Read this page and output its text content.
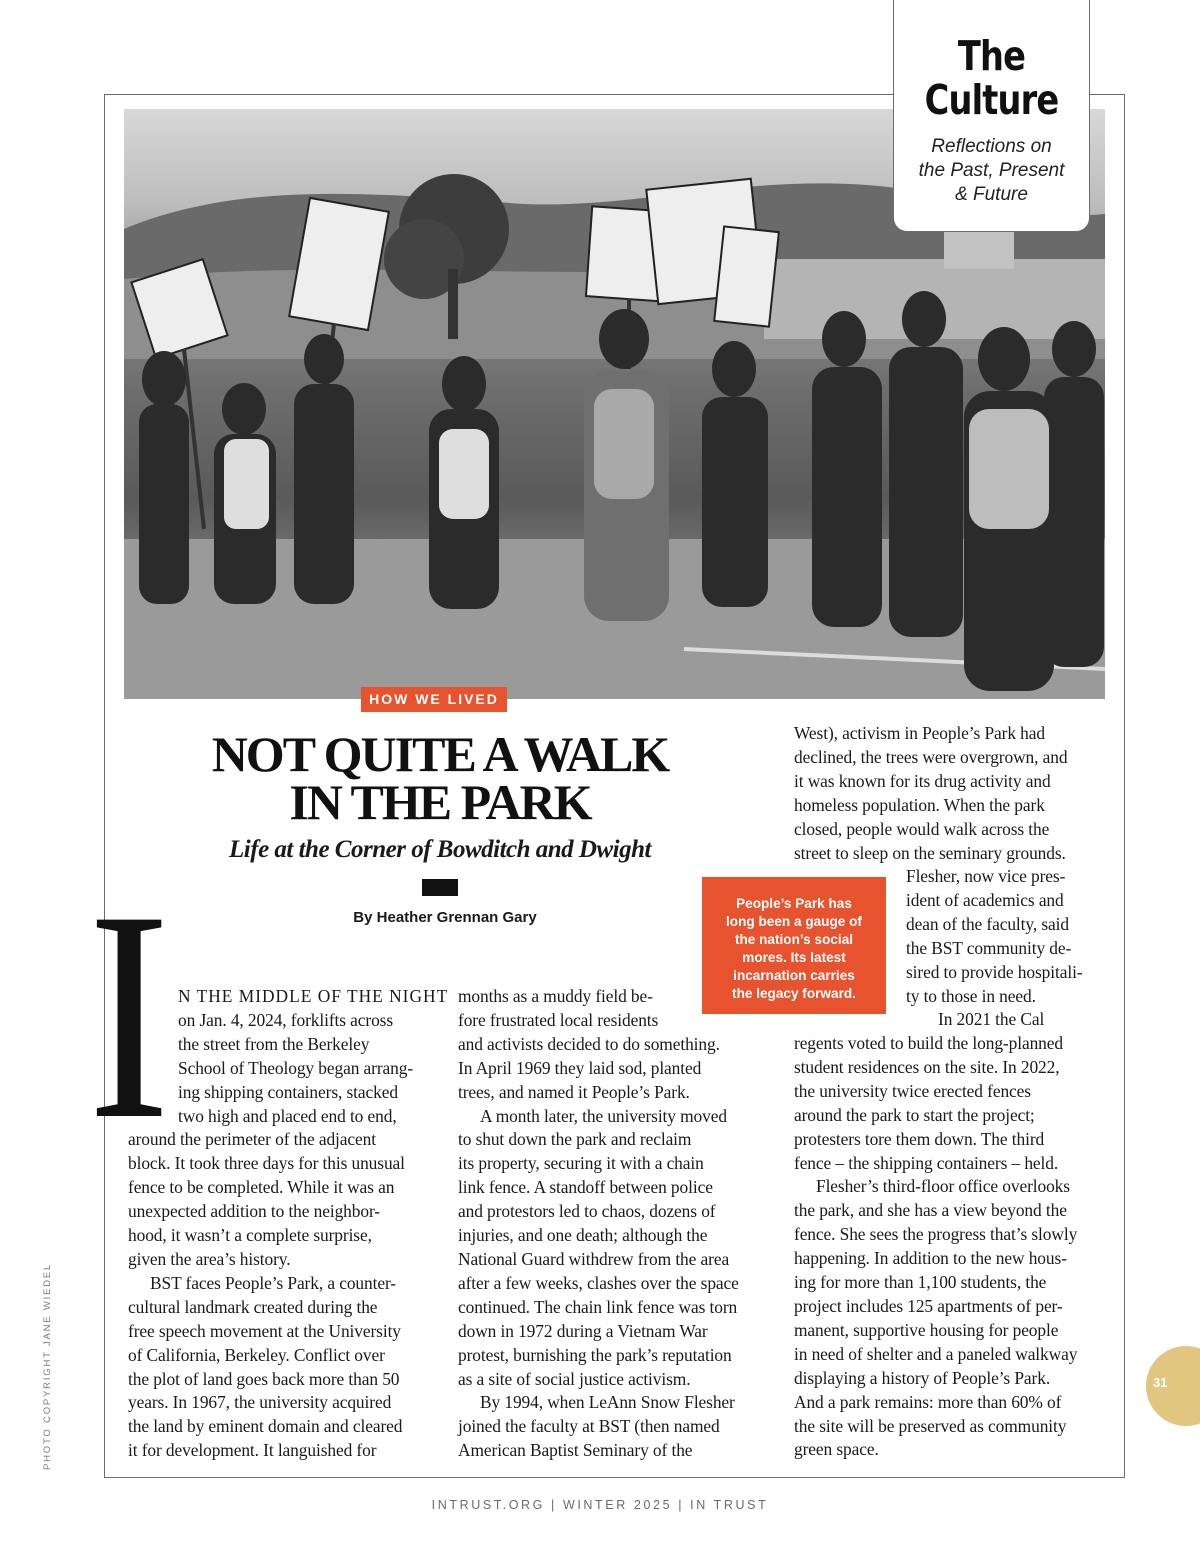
PHOTO COPYRIGHT JANE WIEDEL
The
Culture
Reflections on
the Past, Present
& Future
HOW WE LIVED
NOT QUITE A WALK
IN THE PARK
Life at the Corner of Bowditch and Dwight
By Heather Grennan Gary
I N THE MIDDLE OF THE NIGHT
on Jan. 4, 2024, forklifts across
the street from the Berkeley
School of Theology began arrang-
ing shipping containers, stacked
two high and placed end to end,
around the perimeter of the adjacent
block. It took three days for this unusual
fence to be completed. While it was an
unexpected addition to the neighbor-
hood, it wasn’t a complete surprise,
given the area’s history.
BST faces People’s Park, a counter-
cultural landmark created during the
free speech movement at the University
of California, Berkeley. Conflict over
the plot of land goes back more than 50
years. In 1967, the university acquired
the land by eminent domain and cleared
it for development. It languished for
months as a muddy field be-
fore frustrated local residents
and activists decided to do something.
In April 1969 they laid sod, planted
trees, and named it People’s Park.
A month later, the university moved
to shut down the park and reclaim
its property, securing it with a chain
link fence. A standoff between police
and protestors led to chaos, dozens of
injuries, and one death; although the
National Guard withdrew from the area
after a few weeks, clashes over the space
continued. The chain link fence was torn
down in 1972 during a Vietnam War
protest, burnishing the park’s reputation
as a site of social justice activism.
By 1994, when LeAnn Snow Flesher
joined the faculty at BST (then named
American Baptist Seminary of the
West), activism in People’s Park had
declined, the trees were overgrown, and
it was known for its drug activity and
homeless population. When the park
closed, people would walk across the
street to sleep on the seminary grounds.
Flesher, now vice pres-
ident of academics and
dean of the faculty, said
the BST community de-
sired to provide hospitali-
ty to those in need.
In 2021 the Cal
regents voted to build the long-planned
student residences on the site. In 2022,
the university twice erected fences
around the park to start the project;
protesters tore them down. The third
fence – the shipping containers – held.
Flesher’s third-floor office overlooks
the park, and she has a view beyond the
fence. She sees the progress that’s slowly
happening. In addition to the new hous-
ing for more than 1,100 students, the
project includes 125 apartments of per-
manent, supportive housing for people
in need of shelter and a paneled walkway
displaying a history of People’s Park.
And a park remains: more than 60% of
the site will be preserved as community
green space.
People’s Park has
long been a gauge of
the nation’s social
mores. Its latest
incarnation carries
the legacy forward.
31
INTRUST.ORG | WINTER 2025 | IN TRUST
